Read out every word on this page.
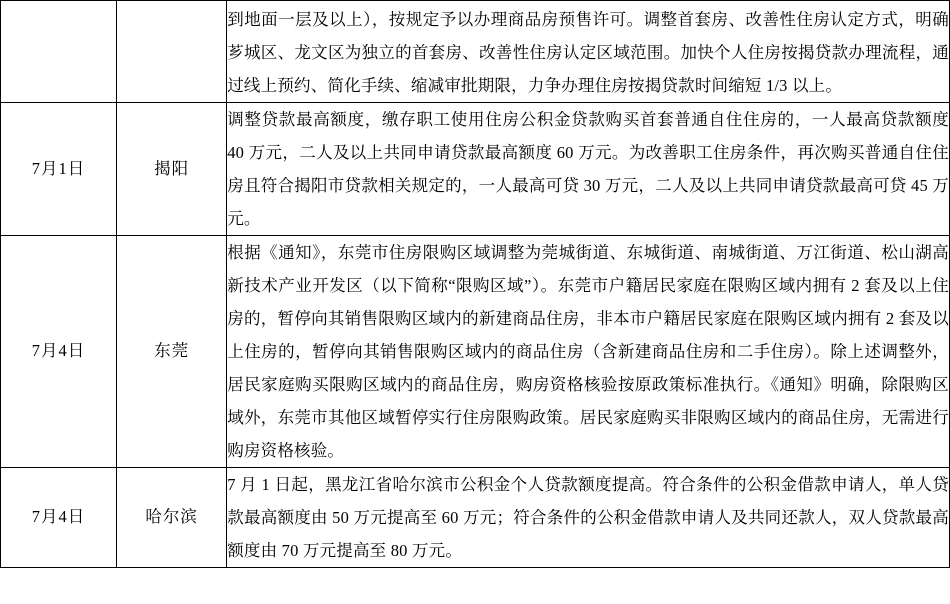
		到地面一层及以上），按规定予以办理商品房预售许可。调整首套房、改善性住房认定方式，明确芗城区、龙文区为独立的首套房、改善性住房认定区域范围。加快个人住房按揭贷款办理流程，通过线上预约、简化手续、缩减审批期限，力争办理住房按揭贷款时间缩短 1/3 以上。
7月1日	揭阳	调整贷款最高额度，缴存职工使用住房公积金贷款购买首套普通自住住房的，一人最高贷款额度 40 万元，二人及以上共同申请贷款最高额度 60 万元。为改善职工住房条件，再次购买普通自住住房且符合揭阳市贷款相关规定的，一人最高可贷 30 万元，二人及以上共同申请贷款最高可贷 45 万元。
7月4日	东莞	根据《通知》，东莞市住房限购区域调整为莞城街道、东城街道、南城街道、万江街道、松山湖高新技术产业开发区（以下简称“限购区域”）。东莞市户籍居民家庭在限购区域内拥有 2 套及以上住房的，暂停向其销售限购区域内的新建商品住房，非本市户籍居民家庭在限购区域内拥有 2 套及以上住房的，暂停向其销售限购区域内的商品住房（含新建商品住房和二手住房）。除上述调整外，居民家庭购买限购区域内的商品住房，购房资格核验按原政策标准执行。《通知》明确，除限购区域外，东莞市其他区域暂停实行住房限购政策。居民家庭购买非限购区域内的商品住房，无需进行购房资格核验。
7月4日	哈尔滨	7 月 1 日起，黑龙江省哈尔滨市公积金个人贷款额度提高。符合条件的公积金借款申请人，单人贷款最高额度由 50 万元提高至 60 万元；符合条件的公积金借款申请人及共同还款人，双人贷款最高额度由 70 万元提高至 80 万元。
